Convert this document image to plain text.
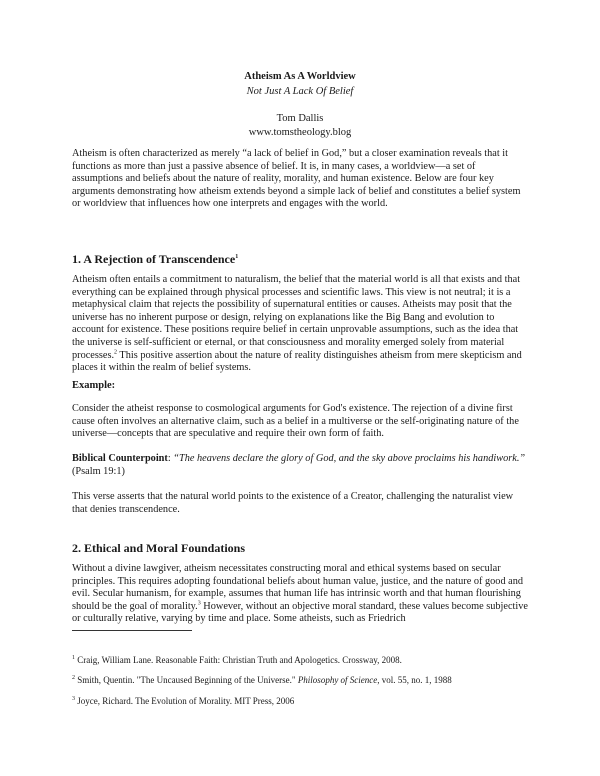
Atheism As A Worldview
Not Just A Lack Of Belief
Tom Dallis
www.tomstheology.blog

Atheism is often characterized as merely “a lack of belief in God,” but a closer examination reveals that it functions as more than just a passive absence of belief. It is, in many cases, a worldview—a set of assumptions and beliefs about the nature of reality, morality, and human existence. Below are four key arguments demonstrating how atheism extends beyond a simple lack of belief and constitutes a belief system or worldview that influences how one interprets and engages with the world.

1. A Rejection of Transcendence$^1$

Atheism often entails a commitment to naturalism, the belief that the material world is all that exists and that everything can be explained through physical processes and scientific laws. This view is not neutral; it is a metaphysical claim that rejects the possibility of supernatural entities or causes. Atheists may posit that the universe has no inherent purpose or design, relying on explanations like the Big Bang and evolution to account for existence. These positions require belief in certain unprovable assumptions, such as the idea that the universe is self-sufficient or eternal, or that consciousness and morality emerged solely from material processes.$^2$ This positive assertion about the nature of reality distinguishes atheism from mere skepticism and places it within the realm of belief systems.

Example:

Consider the atheist response to cosmological arguments for God's existence. The rejection of a divine first cause often involves an alternative claim, such as a belief in a multiverse or the self-originating nature of the universe—concepts that are speculative and require their own form of faith.

Biblical Counterpoint: “The heavens declare the glory of God, and the sky above proclaims his handiwork.” (Psalm 19:1)

This verse asserts that the natural world points to the existence of a Creator, challenging the naturalist view that denies transcendence.

2. Ethical and Moral Foundations

Without a divine lawgiver, atheism necessitates constructing moral and ethical systems based on secular principles. This requires adopting foundational beliefs about human value, justice, and the nature of good and evil. Secular humanism, for example, assumes that human life has intrinsic worth and that human flourishing should be the goal of morality.$^3$ However, without an objective moral standard, these values become subjective or culturally relative, varying by time and place. Some atheists, such as Friedrich

$^1$ Craig, William Lane. Reasonable Faith: Christian Truth and Apologetics. Crossway, 2008.
$^2$ Smith, Quentin. "The Uncaused Beginning of the Universe." Philosophy of Science, vol. 55, no. 1, 1988
$^3$ Joyce, Richard. The Evolution of Morality. MIT Press, 2006
